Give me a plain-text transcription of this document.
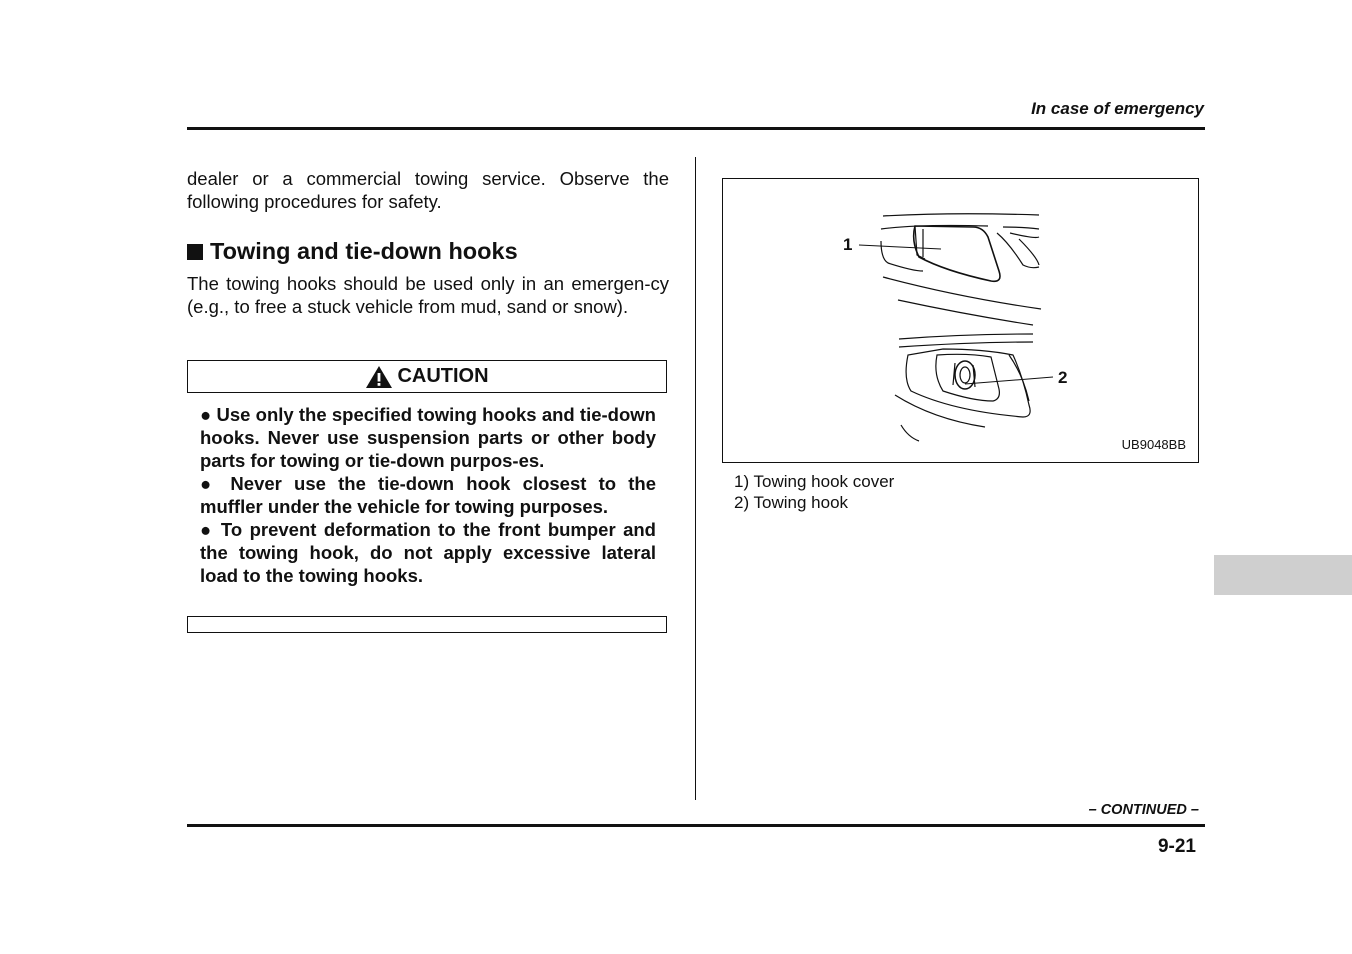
In case of emergency
dealer or a commercial towing service. Observe the following procedures for safety.
Towing and tie-down hooks
The towing hooks should be used only in an emergen-cy (e.g., to free a stuck vehicle from mud, sand or snow).
CAUTION

● Use only the specified towing hooks and tie-down hooks. Never use suspension parts or other body parts for towing or tie-down purpos-es.

● Never use the tie-down hook closest to the muffler under the vehicle for towing purposes.

● To prevent deformation to the front bumper and the towing hook, do not apply excessive lateral load to the towing hooks.

1
2
UB9048BB
1) Towing hook cover
2) Towing hook
– CONTINUED –
9-21
